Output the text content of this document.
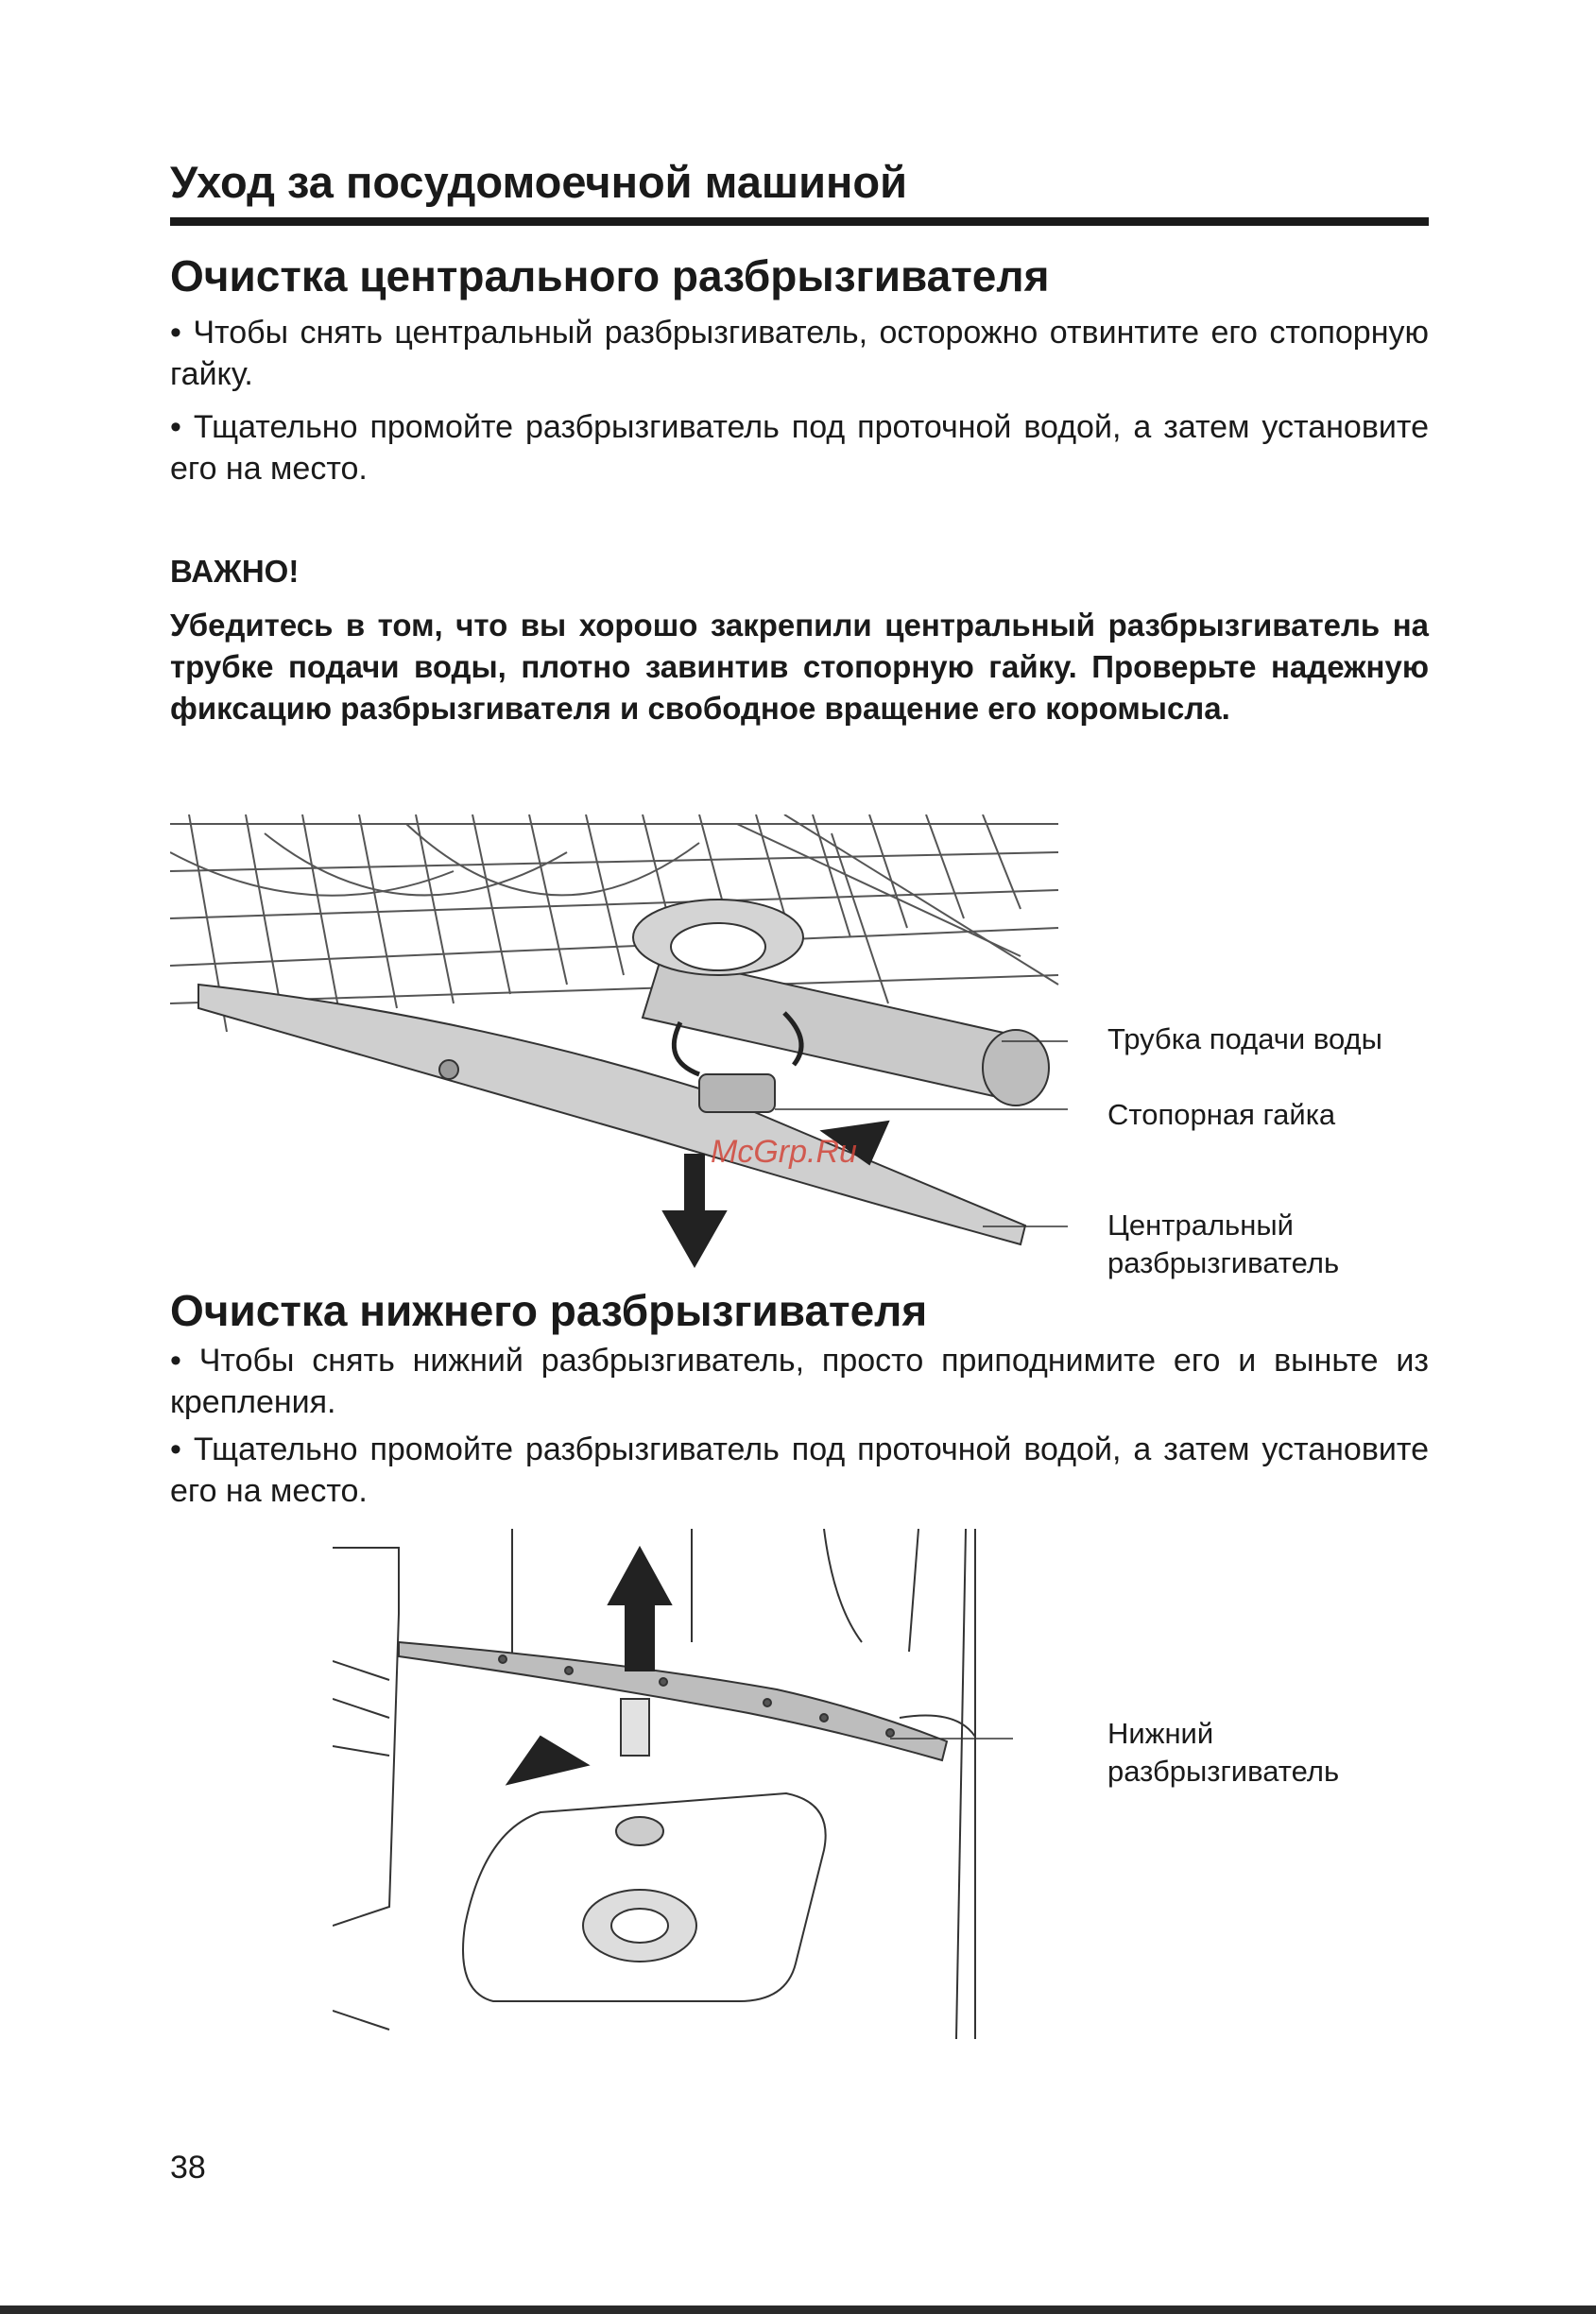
Уход за посудомоечной машиной
Очистка центрального разбрызгивателя

• Чтобы снять центральный разбрызгиватель, осторожно отвинтите его стопорную гайку.

• Тщательно промойте разбрызгиватель под проточной водой, а затем установите его на место.

ВАЖНО!

Убедитесь в том, что вы хорошо закрепили центральный разбрызгиватель на трубке подачи воды, плотно завинтив стопорную гайку. Проверьте надежную фиксацию разбрызгивателя и свободное вращение его коромысла.

Трубка подачи воды
Стопорная гайка
Центральный
разбрызгиватель
McGrp.Ru
Очистка нижнего разбрызгивателя

• Чтобы снять нижний разбрызгиватель, просто приподнимите его и выньте из крепления.

• Тщательно промойте разбрызгиватель под проточной водой, а затем установите его на место.

Нижний
разбрызгиватель
38
